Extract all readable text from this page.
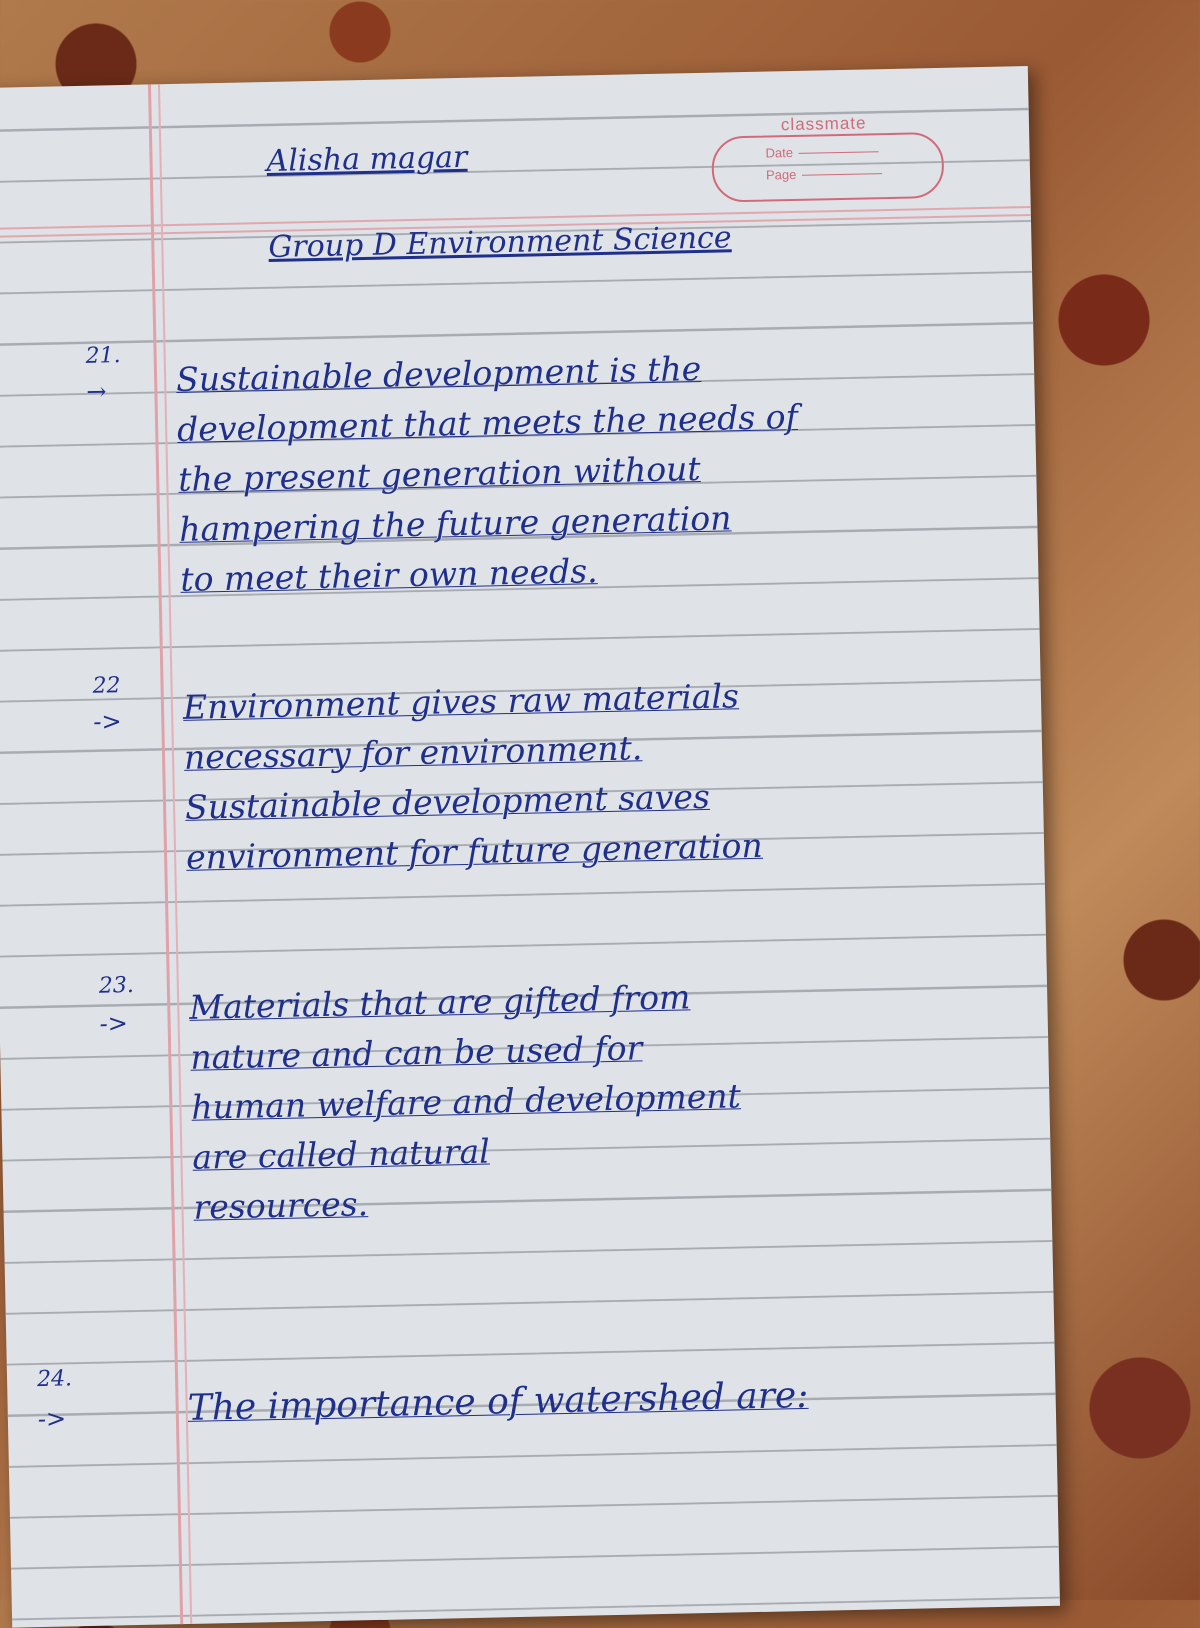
Alisha magar
classmate
Date
Page
Group D Environment Science
21.
→ Sustainable development is the
development that meets the needs of
the present generation without
hampering the future generation
to meet their own needs.
22
-> Environment gives raw materials
necessary for environment.
Sustainable development saves
environment for future generation
23.
-> Materials that are gifted from
nature and can be used for
human welfare and development
are called natural
resources.
24.
->	The importance of watershed are:
